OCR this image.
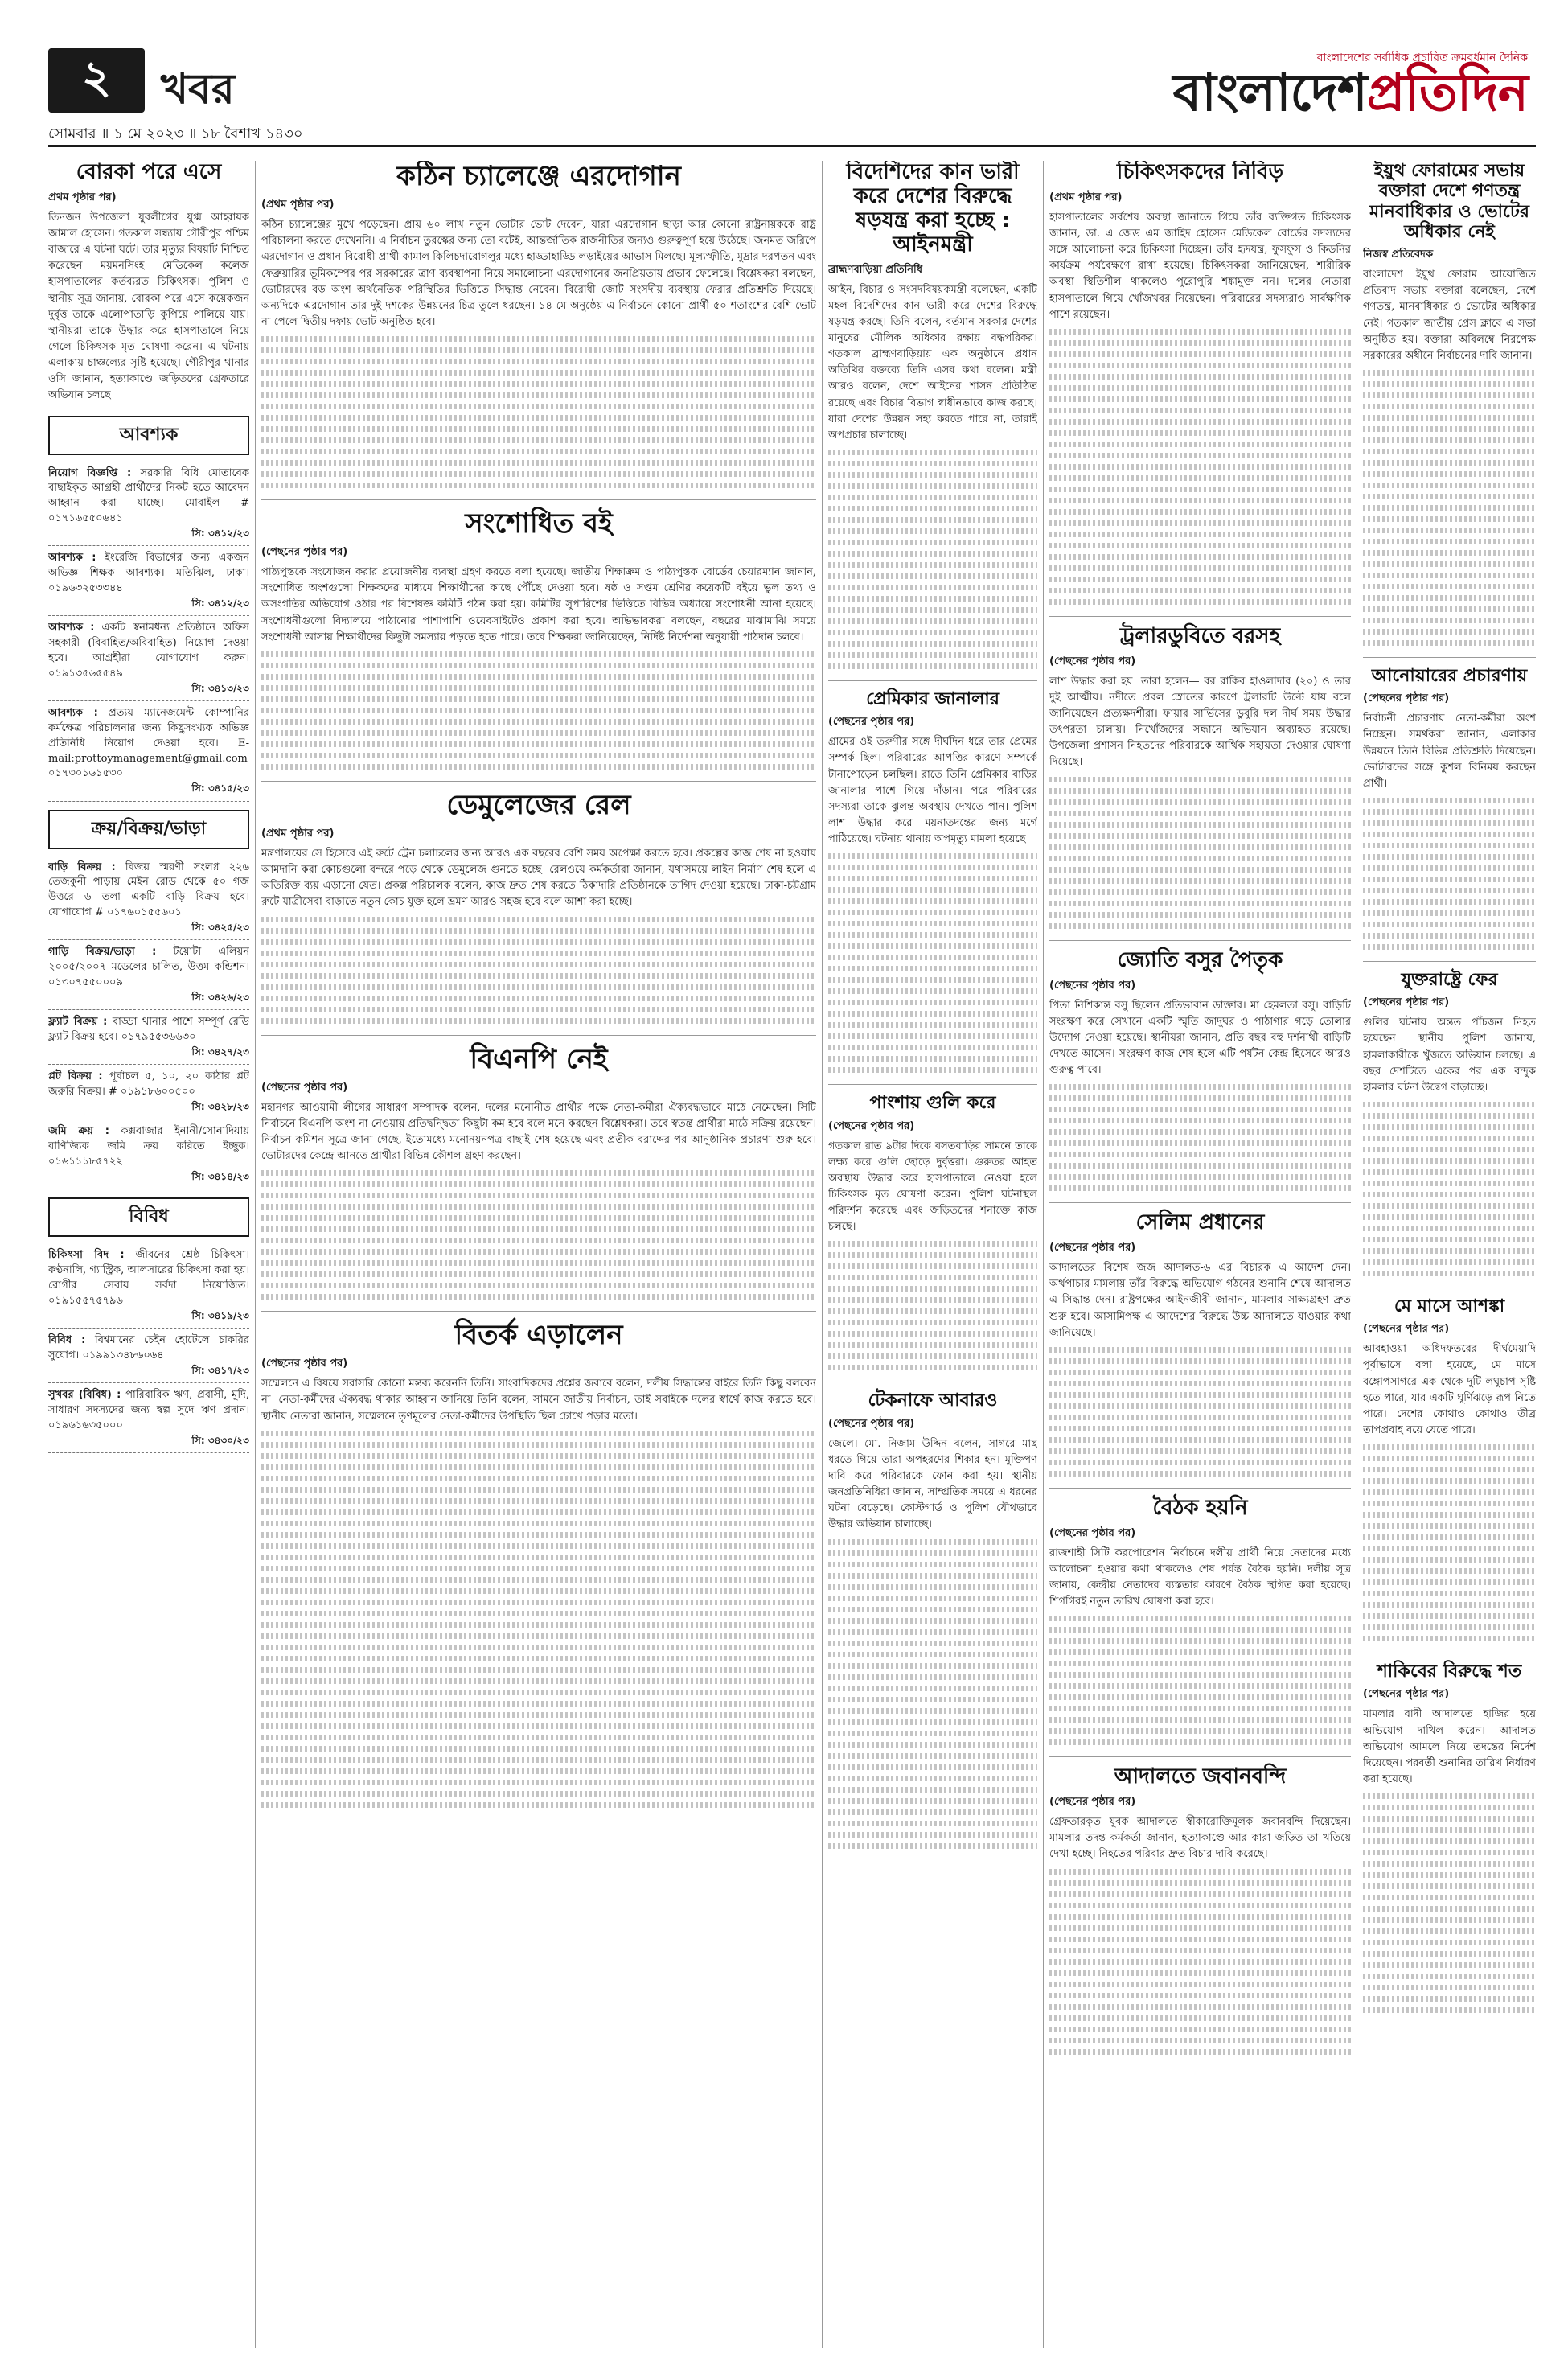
২	খবর
সোমবার ॥ ১ মে ২০২৩ ॥ ১৮ বৈশাখ ১৪৩০
বাংলাদেশের সর্বাধিক প্রচারিত ক্রমবর্ধমান দৈনিক
বাংলাদেশপ্রতিদিন
বোরকা পরে এসে
প্রথম পৃষ্ঠার পর)
তিনজন উপজেলা যুবলীগের যুগ্ম আহ্বায়ক জামাল হোসেন। গতকাল সন্ধ্যায় গৌরীপুর পশ্চিম বাজারে এ ঘটনা ঘটে। তার মৃত্যুর বিষয়টি নিশ্চিত করেছেন ময়মনসিংহ মেডিকেল কলেজ হাসপাতালের কর্তব্যরত চিকিৎসক। পুলিশ ও স্থানীয় সূত্র জানায়, বোরকা পরে এসে কয়েকজন দুর্বৃত্ত তাকে এলোপাতাড়ি কুপিয়ে পালিয়ে যায়। স্থানীয়রা তাকে উদ্ধার করে হাসপাতালে নিয়ে গেলে চিকিৎসক মৃত ঘোষণা করেন। এ ঘটনায় এলাকায় চাঞ্চল্যের সৃষ্টি হয়েছে। গৌরীপুর থানার ওসি জানান, হত্যাকাণ্ডে জড়িতদের গ্রেফতারে অভিযান চলছে।
আবশ্যক
নিয়োগ বিজ্ঞপ্তি : সরকারি বিধি মোতাবেক বাছাইকৃত আগ্রহী প্রার্থীদের নিকট হতে আবেদন আহ্বান করা যাচ্ছে। মোবাইল # ০১৭১৬৫৫০৬৪১
সি: ৩৪১২/২৩
আবশ্যক : ইংরেজি বিভাগের জন্য একজন অভিজ্ঞ শিক্ষক আবশ্যক। মতিঝিল, ঢাকা। ০১৯৬৩২৫৩৩৪৪
সি: ৩৪১২/২৩
আবশ্যক : একটি স্বনামধন্য প্রতিষ্ঠানে অফিস সহকারী (বিবাহিত/অবিবাহিত) নিয়োগ দেওয়া হবে। আগ্রহীরা যোগাযোগ করুন। ০১৯১৩৫৬৫৫৪৯
সি: ৩৪১৩/২৩
আবশ্যক : প্রত্যয় ম্যানেজমেন্ট কোম্পানির কর্মক্ষেত্র পরিচালনার জন্য কিছুসংখ্যক অভিজ্ঞ প্রতিনিধি নিয়োগ দেওয়া হবে। E-mail:prottoymanagement@gmail.com ০১৭৩০১৬১৫৩০
সি: ৩৪১৫/২৩
ক্রয়/বিক্রয়/ভাড়া
বাড়ি বিক্রয় : বিজয় স্মরণী সংলগ্ন ২২৬ তেজকুনী পাড়ায় মেইন রোড থেকে ৫০ গজ উত্তরে ৬ তলা একটি বাড়ি বিক্রয় হবে। যোগাযোগ # ০১৭৬০১৫৫৬০১
সি: ৩৪২৫/২৩
গাড়ি বিক্রয়/ভাড়া : টয়োটা এলিয়ন ২০০৫/২০০৭ মডেলের চালিত, উত্তম কন্ডিশন। ০১৩০৭৫৫০০০৯
সি: ৩৪২৬/২৩
ফ্ল্যাট বিক্রয় : বাড্ডা থানার পাশে সম্পূর্ণ রেডি ফ্ল্যাট বিক্রয় হবে। ০১৭৯৫৫৩৬৬৩০
সি: ৩৪২৭/২৩
প্লট বিক্রয় : পূর্বাচল ৫, ১০, ২০ কাঠার প্লট জরুরি বিক্রয়। # ০১৯১৮৬০০৫০০
সি: ৩৪২৮/২৩
জমি ক্রয় : কক্সবাজার ইনানী/সোনাদিয়ায় বাণিজ্যিক জমি ক্রয় করিতে ইচ্ছুক। ০১৬১১১৮৫৭২২
সি: ৩৪১৪/২৩
বিবিধ
চিকিৎসা বিদ : জীবনের শ্রেষ্ঠ চিকিৎসা। কণ্ঠনালি, গ্যাস্ট্রিক, আলসারের চিকিৎসা করা হয়। রোগীর সেবায় সর্বদা নিয়োজিত। ০১৯১৫৫৭৫৭৯৬
সি: ৩৪১৯/২৩
বিবিধ : বিশ্বমানের চেইন হোটেলে চাকরির সুযোগ। ০১৯৯১৩৪৮৬০৬৪
সি: ৩৪১৭/২৩
সুখবর (বিবিধ) : পারিবারিক ঋণ, প্রবাসী, মুদি, সাধারণ সদস্যদের জন্য স্বল্প সুদে ঋণ প্রদান। ০১৯৬১৬৩৫০০০
সি: ৩৪৩০/২৩
কঠিন চ্যালেঞ্জে এরদোগান
(প্রথম পৃষ্ঠার পর)
কঠিন চ্যালেঞ্জের মুখে পড়েছেন। প্রায় ৬০ লাখ নতুন ভোটার ভোট দেবেন, যারা এরদোগান ছাড়া আর কোনো রাষ্ট্রনায়ককে রাষ্ট্র পরিচালনা করতে দেখেননি। এ নির্বাচন তুরস্কের জন্য তো বটেই, আন্তর্জাতিক রাজনীতির জন্যও গুরুত্বপূর্ণ হয়ে উঠেছে। জনমত জরিপে এরদোগান ও প্রধান বিরোধী প্রার্থী কামাল কিলিচদারোগলুর মধ্যে হাড্ডাহাড্ডি লড়াইয়ের আভাস মিলছে। মূল্যস্ফীতি, মুদ্রার দরপতন এবং ফেব্রুয়ারির ভূমিকম্পের পর সরকারের ত্রাণ ব্যবস্থাপনা নিয়ে সমালোচনা এরদোগানের জনপ্রিয়তায় প্রভাব ফেলেছে। বিশ্লেষকরা বলছেন, ভোটারদের বড় অংশ অর্থনৈতিক পরিস্থিতির ভিত্তিতে সিদ্ধান্ত নেবেন। বিরোধী জোট সংসদীয় ব্যবস্থায় ফেরার প্রতিশ্রুতি দিয়েছে। অন্যদিকে এরদোগান তার দুই দশকের উন্নয়নের চিত্র তুলে ধরছেন। ১৪ মে অনুষ্ঠেয় এ নির্বাচনে কোনো প্রার্থী ৫০ শতাংশের বেশি ভোট না পেলে দ্বিতীয় দফায় ভোট অনুষ্ঠিত হবে।
সংশোধিত বই
(পেছনের পৃষ্ঠার পর)
পাঠ্যপুস্তকে সংযোজন করার প্রয়োজনীয় ব্যবস্থা গ্রহণ করতে বলা হয়েছে। জাতীয় শিক্ষাক্রম ও পাঠ্যপুস্তক বোর্ডের চেয়ারম্যান জানান, সংশোধিত অংশগুলো শিক্ষকদের মাধ্যমে শিক্ষার্থীদের কাছে পৌঁছে দেওয়া হবে। ষষ্ঠ ও সপ্তম শ্রেণির কয়েকটি বইয়ে ভুল তথ্য ও অসংগতির অভিযোগ ওঠার পর বিশেষজ্ঞ কমিটি গঠন করা হয়। কমিটির সুপারিশের ভিত্তিতে বিভিন্ন অধ্যায়ে সংশোধনী আনা হয়েছে। সংশোধনীগুলো বিদ্যালয়ে পাঠানোর পাশাপাশি ওয়েবসাইটেও প্রকাশ করা হবে। অভিভাবকরা বলছেন, বছরের মাঝামাঝি সময়ে সংশোধনী আসায় শিক্ষার্থীদের কিছুটা সমস্যায় পড়তে হতে পারে। তবে শিক্ষকরা জানিয়েছেন, নির্দিষ্ট নির্দেশনা অনুযায়ী পাঠদান চলবে।
ডেমুলেজের রেল
(প্রথম পৃষ্ঠার পর)
মন্ত্রণালয়ের সে হিসেবে এই রুটে ট্রেন চলাচলের জন্য আরও এক বছরের বেশি সময় অপেক্ষা করতে হবে। প্রকল্পের কাজ শেষ না হওয়ায় আমদানি করা কোচগুলো বন্দরে পড়ে থেকে ডেমুলেজ গুনতে হচ্ছে। রেলওয়ে কর্মকর্তারা জানান, যথাসময়ে লাইন নির্মাণ শেষ হলে এ অতিরিক্ত ব্যয় এড়ানো যেত। প্রকল্প পরিচালক বলেন, কাজ দ্রুত শেষ করতে ঠিকাদারি প্রতিষ্ঠানকে তাগিদ দেওয়া হয়েছে। ঢাকা-চট্টগ্রাম রুটে যাত্রীসেবা বাড়াতে নতুন কোচ যুক্ত হলে ভ্রমণ আরও সহজ হবে বলে আশা করা হচ্ছে।
বিএনপি নেই
(পেছনের পৃষ্ঠার পর)
মহানগর আওয়ামী লীগের সাধারণ সম্পাদক বলেন, দলের মনোনীত প্রার্থীর পক্ষে নেতা-কর্মীরা ঐক্যবদ্ধভাবে মাঠে নেমেছেন। সিটি নির্বাচনে বিএনপি অংশ না নেওয়ায় প্রতিদ্বন্দ্বিতা কিছুটা কম হবে বলে মনে করছেন বিশ্লেষকরা। তবে স্বতন্ত্র প্রার্থীরা মাঠে সক্রিয় রয়েছেন। নির্বাচন কমিশন সূত্রে জানা গেছে, ইতোমধ্যে মনোনয়নপত্র বাছাই শেষ হয়েছে এবং প্রতীক বরাদ্দের পর আনুষ্ঠানিক প্রচারণা শুরু হবে। ভোটারদের কেন্দ্রে আনতে প্রার্থীরা বিভিন্ন কৌশল গ্রহণ করছেন।
বিতর্ক এড়ালেন
(পেছনের পৃষ্ঠার পর)
সম্মেলনে এ বিষয়ে সরাসরি কোনো মন্তব্য করেননি তিনি। সাংবাদিকদের প্রশ্নের জবাবে বলেন, দলীয় সিদ্ধান্তের বাইরে তিনি কিছু বলবেন না। নেতা-কর্মীদের ঐক্যবদ্ধ থাকার আহ্বান জানিয়ে তিনি বলেন, সামনে জাতীয় নির্বাচন, তাই সবাইকে দলের স্বার্থে কাজ করতে হবে। স্থানীয় নেতারা জানান, সম্মেলনে তৃণমূলের নেতা-কর্মীদের উপস্থিতি ছিল চোখে পড়ার মতো।
বিদেশিদের কান ভারী করে দেশের বিরুদ্ধে ষড়যন্ত্র করা হচ্ছে : আইনমন্ত্রী
ব্রাহ্মণবাড়িয়া প্রতিনিধি
আইন, বিচার ও সংসদবিষয়কমন্ত্রী বলেছেন, একটি মহল বিদেশিদের কান ভারী করে দেশের বিরুদ্ধে ষড়যন্ত্র করছে। তিনি বলেন, বর্তমান সরকার দেশের মানুষের মৌলিক অধিকার রক্ষায় বদ্ধপরিকর। গতকাল ব্রাহ্মণবাড়িয়ায় এক অনুষ্ঠানে প্রধান অতিথির বক্তব্যে তিনি এসব কথা বলেন। মন্ত্রী আরও বলেন, দেশে আইনের শাসন প্রতিষ্ঠিত রয়েছে এবং বিচার বিভাগ স্বাধীনভাবে কাজ করছে। যারা দেশের উন্নয়ন সহ্য করতে পারে না, তারাই অপপ্রচার চালাচ্ছে।
প্রেমিকার জানালার
(পেছনের পৃষ্ঠার পর)
গ্রামের ওই তরুণীর সঙ্গে দীর্ঘদিন ধরে তার প্রেমের সম্পর্ক ছিল। পরিবারের আপত্তির কারণে সম্পর্কে টানাপোড়েন চলছিল। রাতে তিনি প্রেমিকার বাড়ির জানালার পাশে গিয়ে দাঁড়ান। পরে পরিবারের সদস্যরা তাকে ঝুলন্ত অবস্থায় দেখতে পান। পুলিশ লাশ উদ্ধার করে ময়নাতদন্তের জন্য মর্গে পাঠিয়েছে। ঘটনায় থানায় অপমৃত্যু মামলা হয়েছে।
পাংশায় গুলি করে
(পেছনের পৃষ্ঠার পর)
গতকাল রাত ৯টার দিকে বসতবাড়ির সামনে তাকে লক্ষ্য করে গুলি ছোড়ে দুর্বৃত্তরা। গুরুতর আহত অবস্থায় উদ্ধার করে হাসপাতালে নেওয়া হলে চিকিৎসক মৃত ঘোষণা করেন। পুলিশ ঘটনাস্থল পরিদর্শন করেছে এবং জড়িতদের শনাক্তে কাজ চলছে।
টেকনাফে আবারও
(পেছনের পৃষ্ঠার পর)
জেলে। মো. নিজাম উদ্দিন বলেন, সাগরে মাছ ধরতে গিয়ে তারা অপহরণের শিকার হন। মুক্তিপণ দাবি করে পরিবারকে ফোন করা হয়। স্থানীয় জনপ্রতিনিধিরা জানান, সাম্প্রতিক সময়ে এ ধরনের ঘটনা বেড়েছে। কোস্টগার্ড ও পুলিশ যৌথভাবে উদ্ধার অভিযান চালাচ্ছে।
চিকিৎসকদের নিবিড়
(প্রথম পৃষ্ঠার পর)
হাসপাতালের সর্বশেষ অবস্থা জানাতে গিয়ে তাঁর ব্যক্তিগত চিকিৎসক জানান, ডা. এ জেড এম জাহিদ হোসেন মেডিকেল বোর্ডের সদস্যদের সঙ্গে আলোচনা করে চিকিৎসা দিচ্ছেন। তাঁর হৃদযন্ত্র, ফুসফুস ও কিডনির কার্যক্রম পর্যবেক্ষণে রাখা হয়েছে। চিকিৎসকরা জানিয়েছেন, শারীরিক অবস্থা স্থিতিশীল থাকলেও পুরোপুরি শঙ্কামুক্ত নন। দলের নেতারা হাসপাতালে গিয়ে খোঁজখবর নিয়েছেন। পরিবারের সদস্যরাও সার্বক্ষণিক পাশে রয়েছেন।
ট্রলারডুবিতে বরসহ
(পেছনের পৃষ্ঠার পর)
লাশ উদ্ধার করা হয়। তারা হলেন— বর রাকিব হাওলাদার (২০) ও তার দুই আত্মীয়। নদীতে প্রবল স্রোতের কারণে ট্রলারটি উল্টে যায় বলে জানিয়েছেন প্রত্যক্ষদর্শীরা। ফায়ার সার্ভিসের ডুবুরি দল দীর্ঘ সময় উদ্ধার তৎপরতা চালায়। নিখোঁজদের সন্ধানে অভিযান অব্যাহত রয়েছে। উপজেলা প্রশাসন নিহতদের পরিবারকে আর্থিক সহায়তা দেওয়ার ঘোষণা দিয়েছে।
জ্যোতি বসুর পৈতৃক
(পেছনের পৃষ্ঠার পর)
পিতা নিশিকান্ত বসু ছিলেন প্রতিভাবান ডাক্তার। মা হেমলতা বসু। বাড়িটি সংরক্ষণ করে সেখানে একটি স্মৃতি জাদুঘর ও পাঠাগার গড়ে তোলার উদ্যোগ নেওয়া হয়েছে। স্থানীয়রা জানান, প্রতি বছর বহু দর্শনার্থী বাড়িটি দেখতে আসেন। সংরক্ষণ কাজ শেষ হলে এটি পর্যটন কেন্দ্র হিসেবে আরও গুরুত্ব পাবে।
সেলিম প্রধানের
(পেছনের পৃষ্ঠার পর)
আদালতের বিশেষ জজ আদালত-৬ এর বিচারক এ আদেশ দেন। অর্থপাচার মামলায় তাঁর বিরুদ্ধে অভিযোগ গঠনের শুনানি শেষে আদালত এ সিদ্ধান্ত দেন। রাষ্ট্রপক্ষের আইনজীবী জানান, মামলার সাক্ষ্যগ্রহণ দ্রুত শুরু হবে। আসামিপক্ষ এ আদেশের বিরুদ্ধে উচ্চ আদালতে যাওয়ার কথা জানিয়েছে।
বৈঠক হয়নি
(পেছনের পৃষ্ঠার পর)
রাজশাহী সিটি করপোরেশন নির্বাচনে দলীয় প্রার্থী নিয়ে নেতাদের মধ্যে আলোচনা হওয়ার কথা থাকলেও শেষ পর্যন্ত বৈঠক হয়নি। দলীয় সূত্র জানায়, কেন্দ্রীয় নেতাদের ব্যস্ততার কারণে বৈঠক স্থগিত করা হয়েছে। শিগগিরই নতুন তারিখ ঘোষণা করা হবে।
আদালতে জবানবন্দি
(পেছনের পৃষ্ঠার পর)
গ্রেফতারকৃত যুবক আদালতে স্বীকারোক্তিমূলক জবানবন্দি দিয়েছেন। মামলার তদন্ত কর্মকর্তা জানান, হত্যাকাণ্ডে আর কারা জড়িত তা খতিয়ে দেখা হচ্ছে। নিহতের পরিবার দ্রুত বিচার দাবি করেছে।
ইয়ুথ ফোরামের সভায় বক্তারা দেশে গণতন্ত্র মানবাধিকার ও ভোটের অধিকার নেই
নিজস্ব প্রতিবেদক
বাংলাদেশ ইয়ুথ ফোরাম আয়োজিত প্রতিবাদ সভায় বক্তারা বলেছেন, দেশে গণতন্ত্র, মানবাধিকার ও ভোটের অধিকার নেই। গতকাল জাতীয় প্রেস ক্লাবে এ সভা অনুষ্ঠিত হয়। বক্তারা অবিলম্বে নিরপেক্ষ সরকারের অধীনে নির্বাচনের দাবি জানান।
আনোয়ারের প্রচারণায়
(পেছনের পৃষ্ঠার পর)
নির্বাচনী প্রচারণায় নেতা-কর্মীরা অংশ নিচ্ছেন। সমর্থকরা জানান, এলাকার উন্নয়নে তিনি বিভিন্ন প্রতিশ্রুতি দিয়েছেন। ভোটারদের সঙ্গে কুশল বিনিময় করছেন প্রার্থী।
যুক্তরাষ্ট্রে ফের
(পেছনের পৃষ্ঠার পর)
গুলির ঘটনায় অন্তত পাঁচজন নিহত হয়েছেন। স্থানীয় পুলিশ জানায়, হামলাকারীকে খুঁজতে অভিযান চলছে। এ বছর দেশটিতে একের পর এক বন্দুক হামলার ঘটনা উদ্বেগ বাড়াচ্ছে।
মে মাসে আশঙ্কা
(পেছনের পৃষ্ঠার পর)
আবহাওয়া অধিদফতরের দীর্ঘমেয়াদি পূর্বাভাসে বলা হয়েছে, মে মাসে বঙ্গোপসাগরে এক থেকে দুটি লঘুচাপ সৃষ্টি হতে পারে, যার একটি ঘূর্ণিঝড়ে রূপ নিতে পারে। দেশের কোথাও কোথাও তীব্র তাপপ্রবাহ বয়ে যেতে পারে।
শাকিবের বিরুদ্ধে শত
(পেছনের পৃষ্ঠার পর)
মামলার বাদী আদালতে হাজির হয়ে অভিযোগ দাখিল করেন। আদালত অভিযোগ আমলে নিয়ে তদন্তের নির্দেশ দিয়েছেন। পরবর্তী শুনানির তারিখ নির্ধারণ করা হয়েছে।
